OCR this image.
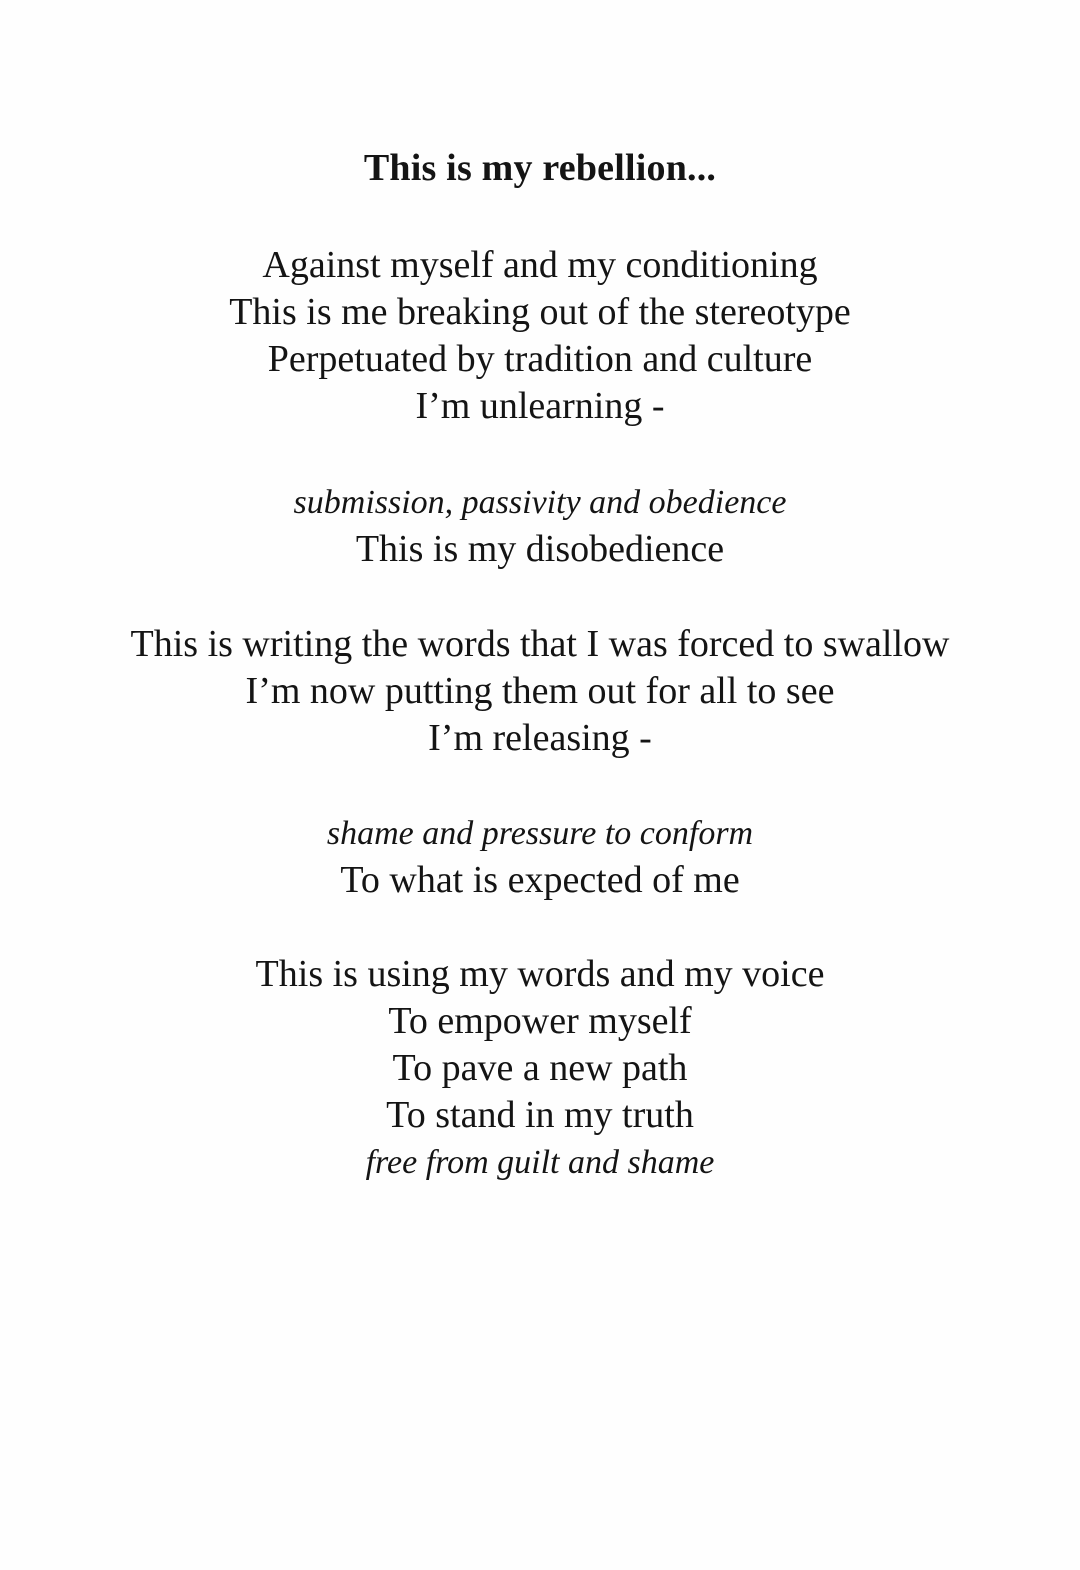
This is my rebellion...
Against myself and my conditioning
This is me breaking out of the stereotype
Perpetuated by tradition and culture
I’m unlearning -
submission, passivity and obedience
This is my disobedience
This is writing the words that I was forced to swallow
I’m now putting them out for all to see
I’m releasing -
shame and pressure to conform
To what is expected of me
This is using my words and my voice
To empower myself
To pave a new path
To stand in my truth
free from guilt and shame
